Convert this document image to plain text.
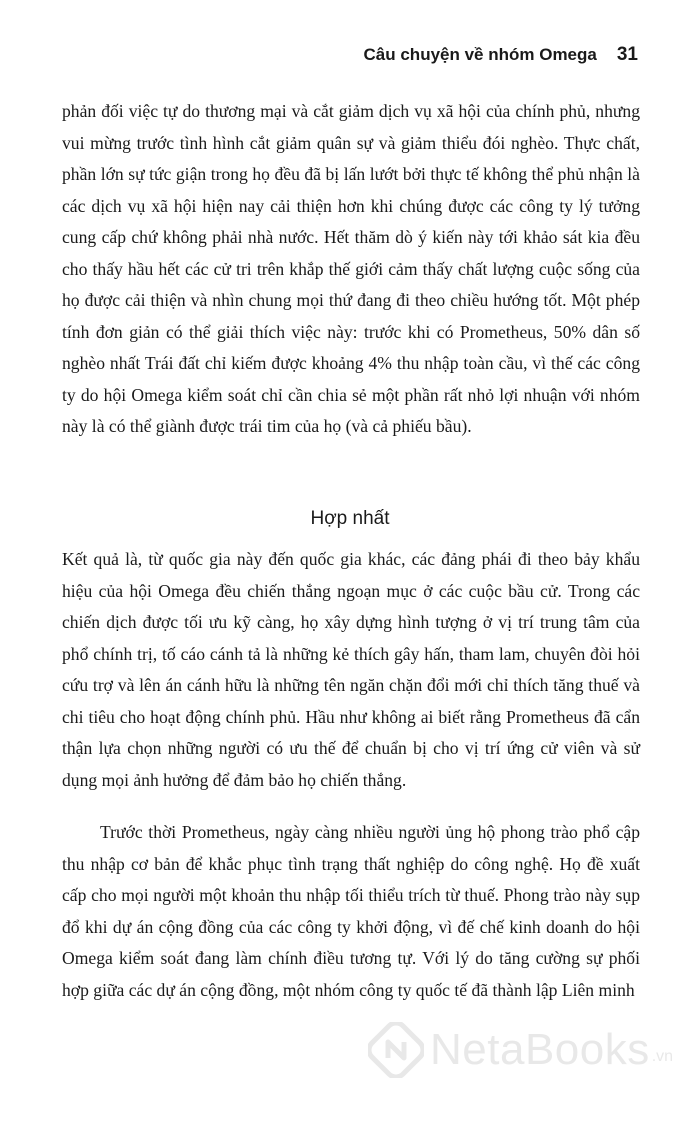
Câu chuyện về nhóm Omega 31

phản đối việc tự do thương mại và cắt giảm dịch vụ xã hội của chính phủ, nhưng vui mừng trước tình hình cắt giảm quân sự và giảm thiểu đói nghèo. Thực chất, phần lớn sự tức giận trong họ đều đã bị lấn lướt bởi thực tế không thể phủ nhận là các dịch vụ xã hội hiện nay cải thiện hơn khi chúng được các công ty lý tưởng cung cấp chứ không phải nhà nước. Hết thăm dò ý kiến này tới khảo sát kia đều cho thấy hầu hết các cử tri trên khắp thế giới cảm thấy chất lượng cuộc sống của họ được cải thiện và nhìn chung mọi thứ đang đi theo chiều hướng tốt. Một phép tính đơn giản có thể giải thích việc này: trước khi có Prometheus, 50% dân số nghèo nhất Trái đất chỉ kiếm được khoảng 4% thu nhập toàn cầu, vì thế các công ty do hội Omega kiểm soát chỉ cần chia sẻ một phần rất nhỏ lợi nhuận với nhóm này là có thể giành được trái tim của họ (và cả phiếu bầu).

Hợp nhất

Kết quả là, từ quốc gia này đến quốc gia khác, các đảng phái đi theo bảy khẩu hiệu của hội Omega đều chiến thắng ngoạn mục ở các cuộc bầu cử. Trong các chiến dịch được tối ưu kỹ càng, họ xây dựng hình tượng ở vị trí trung tâm của phổ chính trị, tố cáo cánh tả là những kẻ thích gây hấn, tham lam, chuyên đòi hỏi cứu trợ và lên án cánh hữu là những tên ngăn chặn đổi mới chỉ thích tăng thuế và chi tiêu cho hoạt động chính phủ. Hầu như không ai biết rằng Prometheus đã cẩn thận lựa chọn những người có ưu thế để chuẩn bị cho vị trí ứng cử viên và sử dụng mọi ảnh hưởng để đảm bảo họ chiến thắng.

Trước thời Prometheus, ngày càng nhiều người ủng hộ phong trào phổ cập thu nhập cơ bản để khắc phục tình trạng thất nghiệp do công nghệ. Họ đề xuất cấp cho mọi người một khoản thu nhập tối thiểu trích từ thuế. Phong trào này sụp đổ khi dự án cộng đồng của các công ty khởi động, vì đế chế kinh doanh do hội Omega kiểm soát đang làm chính điều tương tự. Với lý do tăng cường sự phối hợp giữa các dự án cộng đồng, một nhóm công ty quốc tế đã thành lập Liên minh

NetaBooks .vn
